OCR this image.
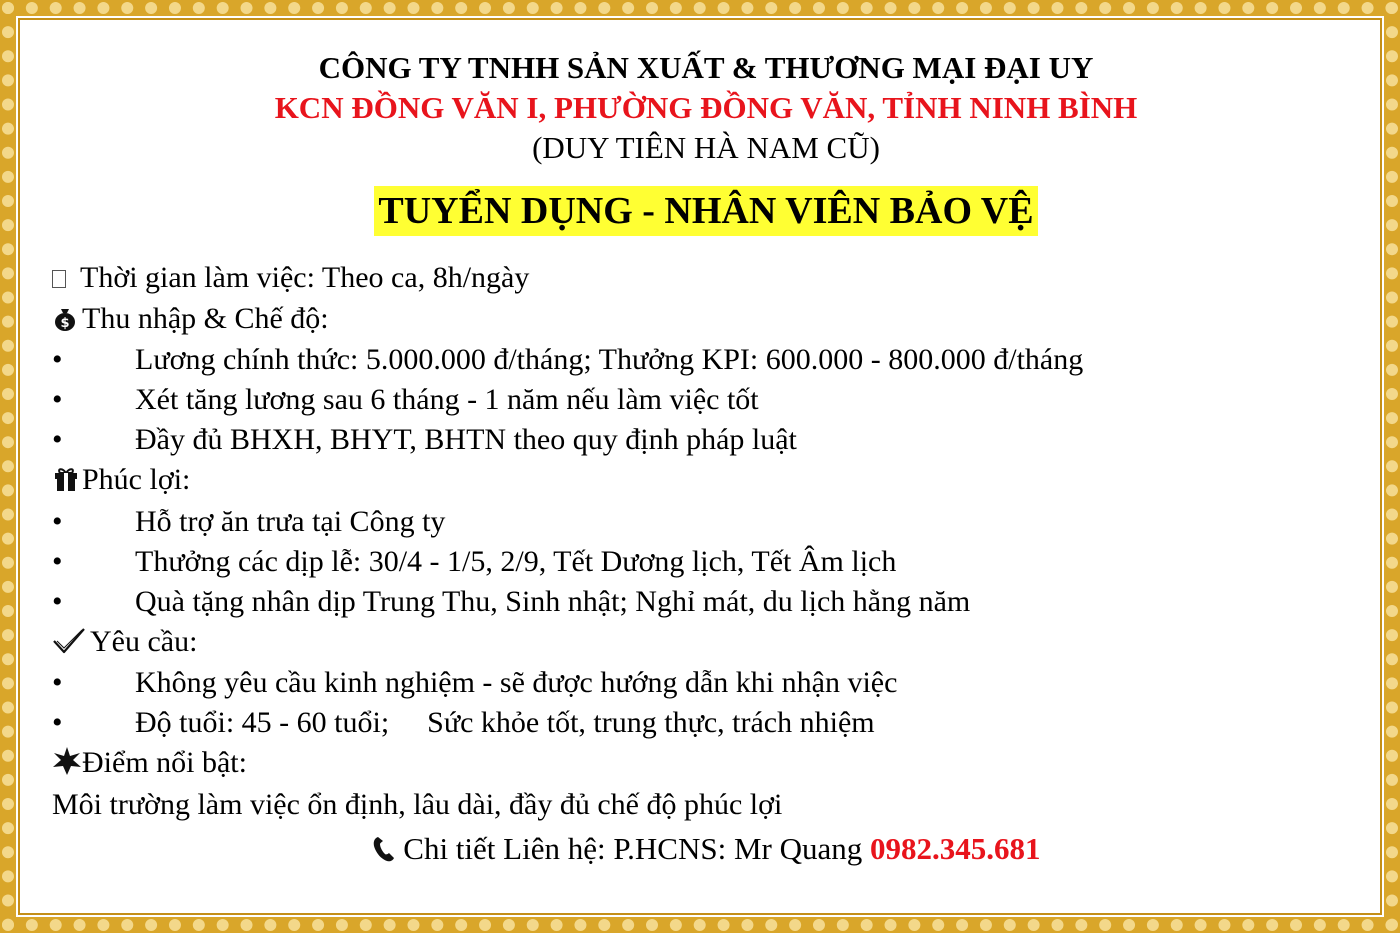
CÔNG TY TNHH SẢN XUẤT & THƯƠNG MẠI ĐẠI UY
KCN ĐỒNG VĂN I, PHƯỜNG ĐỒNG VĂN, TỈNH NINH BÌNH
(DUY TIÊN HÀ NAM CŨ)
TUYỂN DỤNG - NHÂN VIÊN BẢO VỆ
Thời gian làm việc: Theo ca, 8h/ngày
$ Thu nhập & Chế độ:
•	Lương chính thức: 5.000.000 đ/tháng; Thưởng KPI: 600.000 - 800.000 đ/tháng
•	Xét tăng lương sau 6 tháng - 1 năm nếu làm việc tốt
•	Đầy đủ BHXH, BHYT, BHTN theo quy định pháp luật
Phúc lợi:
•	Hỗ trợ ăn trưa tại Công ty
•	Thưởng các dịp lễ: 30/4 - 1/5, 2/9, Tết Dương lịch, Tết Âm lịch
•	Quà tặng nhân dịp Trung Thu, Sinh nhật; Nghỉ mát, du lịch hằng năm
Yêu cầu:
•	Không yêu cầu kinh nghiệm - sẽ được hướng dẫn khi nhận việc
•	Độ tuổi: 45 - 60 tuổi; Sức khỏe tốt, trung thực, trách nhiệm
Điểm nổi bật:
Môi trường làm việc ổn định, lâu dài, đầy đủ chế độ phúc lợi
Chi tiết Liên hệ: P.HCNS: Mr Quang 0982.345.681
